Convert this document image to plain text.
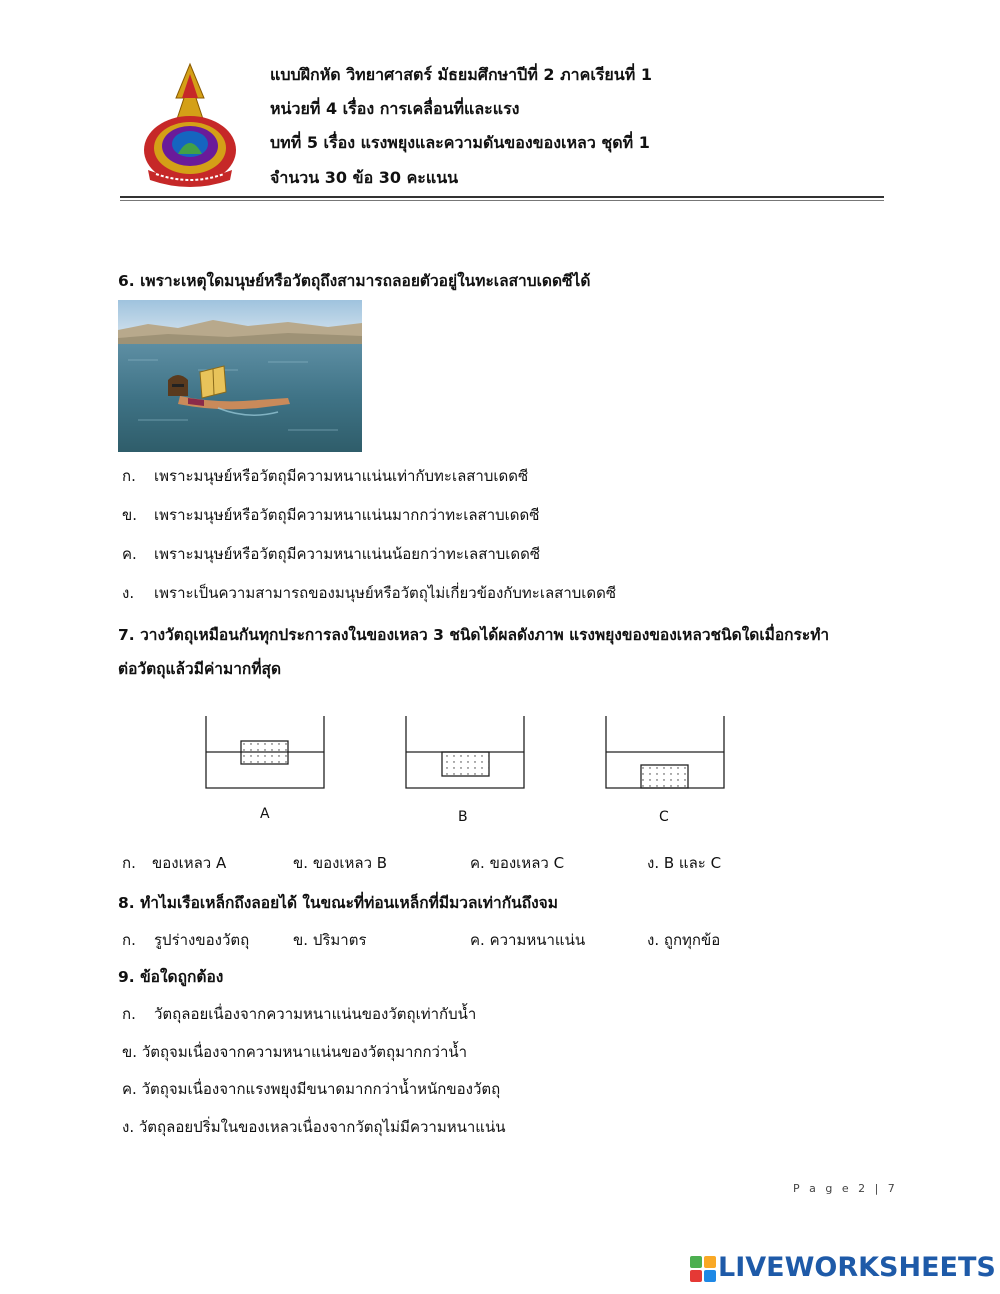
แบบฝึกหัด วิทยาศาสตร์ มัธยมศึกษาปีที่ 2 ภาคเรียนที่ 1
หน่วยที่ 4 เรื่อง การเคลื่อนที่และแรง
บทที่ 5 เรื่อง แรงพยุงและความดันของของเหลว ชุดที่ 1
จำนวน 30 ข้อ 30 คะแนน
6. เพราะเหตุใดมนุษย์หรือวัตถุถึงสามารถลอยตัวอยู่ในทะเลสาบเดดซีได้
ก. เพราะมนุษย์หรือวัตถุมีความหนาแน่นเท่ากับทะเลสาบเดดซี
ข. เพราะมนุษย์หรือวัตถุมีความหนาแน่นมากกว่าทะเลสาบเดดซี
ค. เพราะมนุษย์หรือวัตถุมีความหนาแน่นน้อยกว่าทะเลสาบเดดซี
ง. เพราะเป็นความสามารถของมนุษย์หรือวัตถุไม่เกี่ยวข้องกับทะเลสาบเดดซี
7. วางวัตถุเหมือนกันทุกประการลงในของเหลว 3 ชนิดได้ผลดังภาพ แรงพยุงของของเหลวชนิดใดเมื่อกระทำ
ต่อวัตถุแล้วมีค่ามากที่สุด
A	B	C
ก. ของเหลว A	ข. ของเหลว B	ค. ของเหลว C	ง. B และ C
8. ทำไมเรือเหล็กถึงลอยได้ ในขณะที่ท่อนเหล็กที่มีมวลเท่ากันถึงจม
ก. รูปร่างของวัตถุ	ข. ปริมาตร	ค. ความหนาแน่น	ง. ถูกทุกข้อ
9. ข้อใดถูกต้อง
ก. วัตถุลอยเนื่องจากความหนาแน่นของวัตถุเท่ากับน้ำ
ข. วัตถุจมเนื่องจากความหนาแน่นของวัตถุมากกว่าน้ำ
ค. วัตถุจมเนื่องจากแรงพยุงมีขนาดมากกว่าน้ำหนักของวัตถุ
ง. วัตถุลอยปริ่มในของเหลวเนื่องจากวัตถุไม่มีความหนาแน่น
P a g e 2 | 7
LIVEWORKSHEETS
